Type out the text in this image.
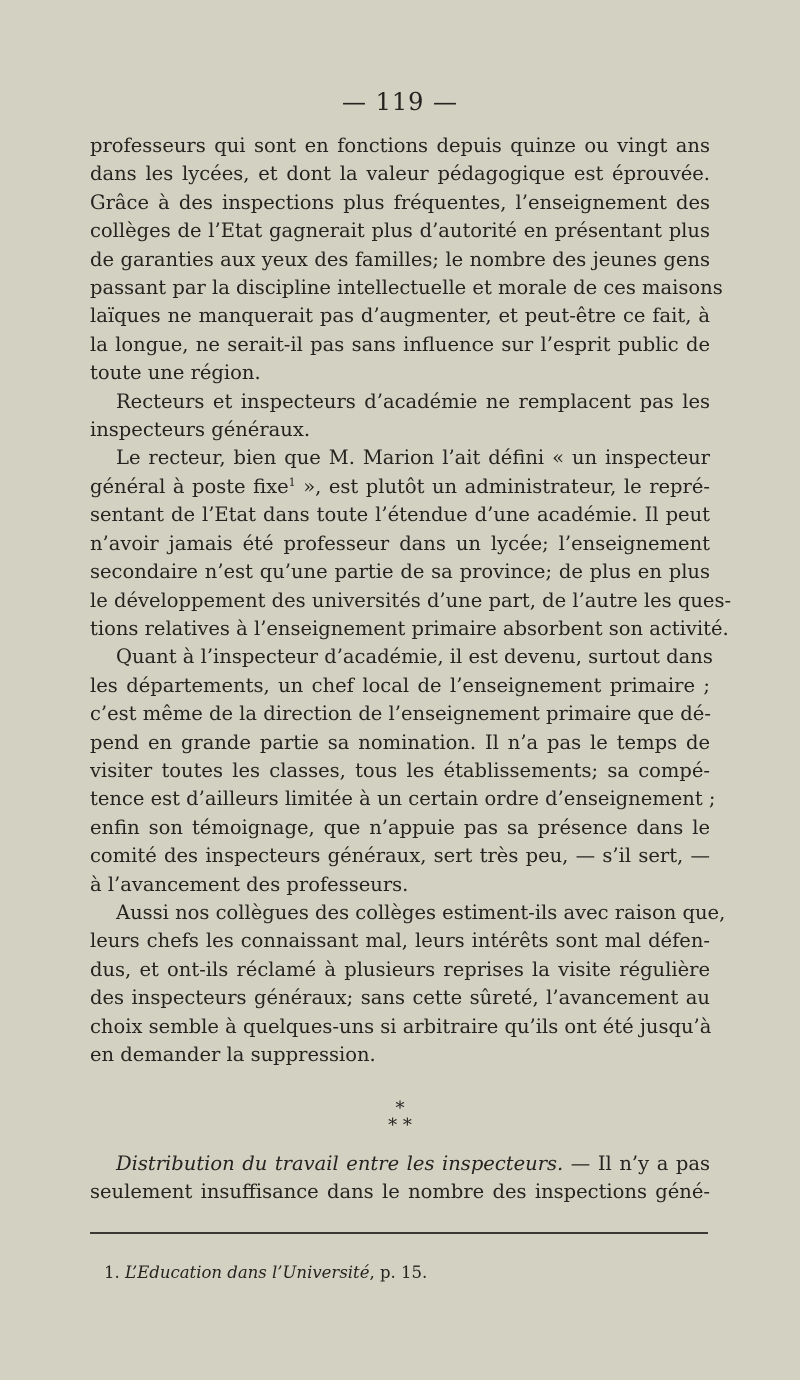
— 119 —
professeurs qui sont en fonctions depuis quinze ou vingt ans
dans les lycées, et dont la valeur pédagogique est éprouvée.
Grâce à des inspections plus fréquentes, l’enseignement des
collèges de l’Etat gagnerait plus d’autorité en présentant plus
de garanties aux yeux des familles; le nombre des jeunes gens
passant par la discipline intellectuelle et morale de ces maisons
laïques ne manquerait pas d’augmenter, et peut-être ce fait, à
la longue, ne serait-il pas sans influence sur l’esprit public de
toute une région.
Recteurs et inspecteurs d’académie ne remplacent pas les
inspecteurs généraux.
Le recteur, bien que M. Marion l’ait défini « un inspecteur
général à poste fixe$^1$ », est plutôt un administrateur, le repré-
sentant de l’Etat dans toute l’étendue d’une académie. Il peut
n’avoir jamais été professeur dans un lycée; l’enseignement
secondaire n’est qu’une partie de sa province; de plus en plus
le développement des universités d’une part, de l’autre les ques-
tions relatives à l’enseignement primaire absorbent son activité.
Quant à l’inspecteur d’académie, il est devenu, surtout dans
les départements, un chef local de l’enseignement primaire ;
c’est même de la direction de l’enseignement primaire que dé-
pend en grande partie sa nomination. Il n’a pas le temps de
visiter toutes les classes, tous les établissements; sa compé-
tence est d’ailleurs limitée à un certain ordre d’enseignement ;
enfin son témoignage, que n’appuie pas sa présence dans le
comité des inspecteurs généraux, sert très peu, — s’il sert, —
à l’avancement des professeurs.
Aussi nos collègues des collèges estiment-ils avec raison que,
leurs chefs les connaissant mal, leurs intérêts sont mal défen-
dus, et ont-ils réclamé à plusieurs reprises la visite régulière
des inspecteurs généraux; sans cette sûreté, l’avancement au
choix semble à quelques-uns si arbitraire qu’ils ont été jusqu’à
en demander la suppression.
*
* *
Distribution du travail entre les inspecteurs. — Il n’y a pas
seulement insuffisance dans le nombre des inspections géné-
1. L’Education dans l’Université, p. 15.
